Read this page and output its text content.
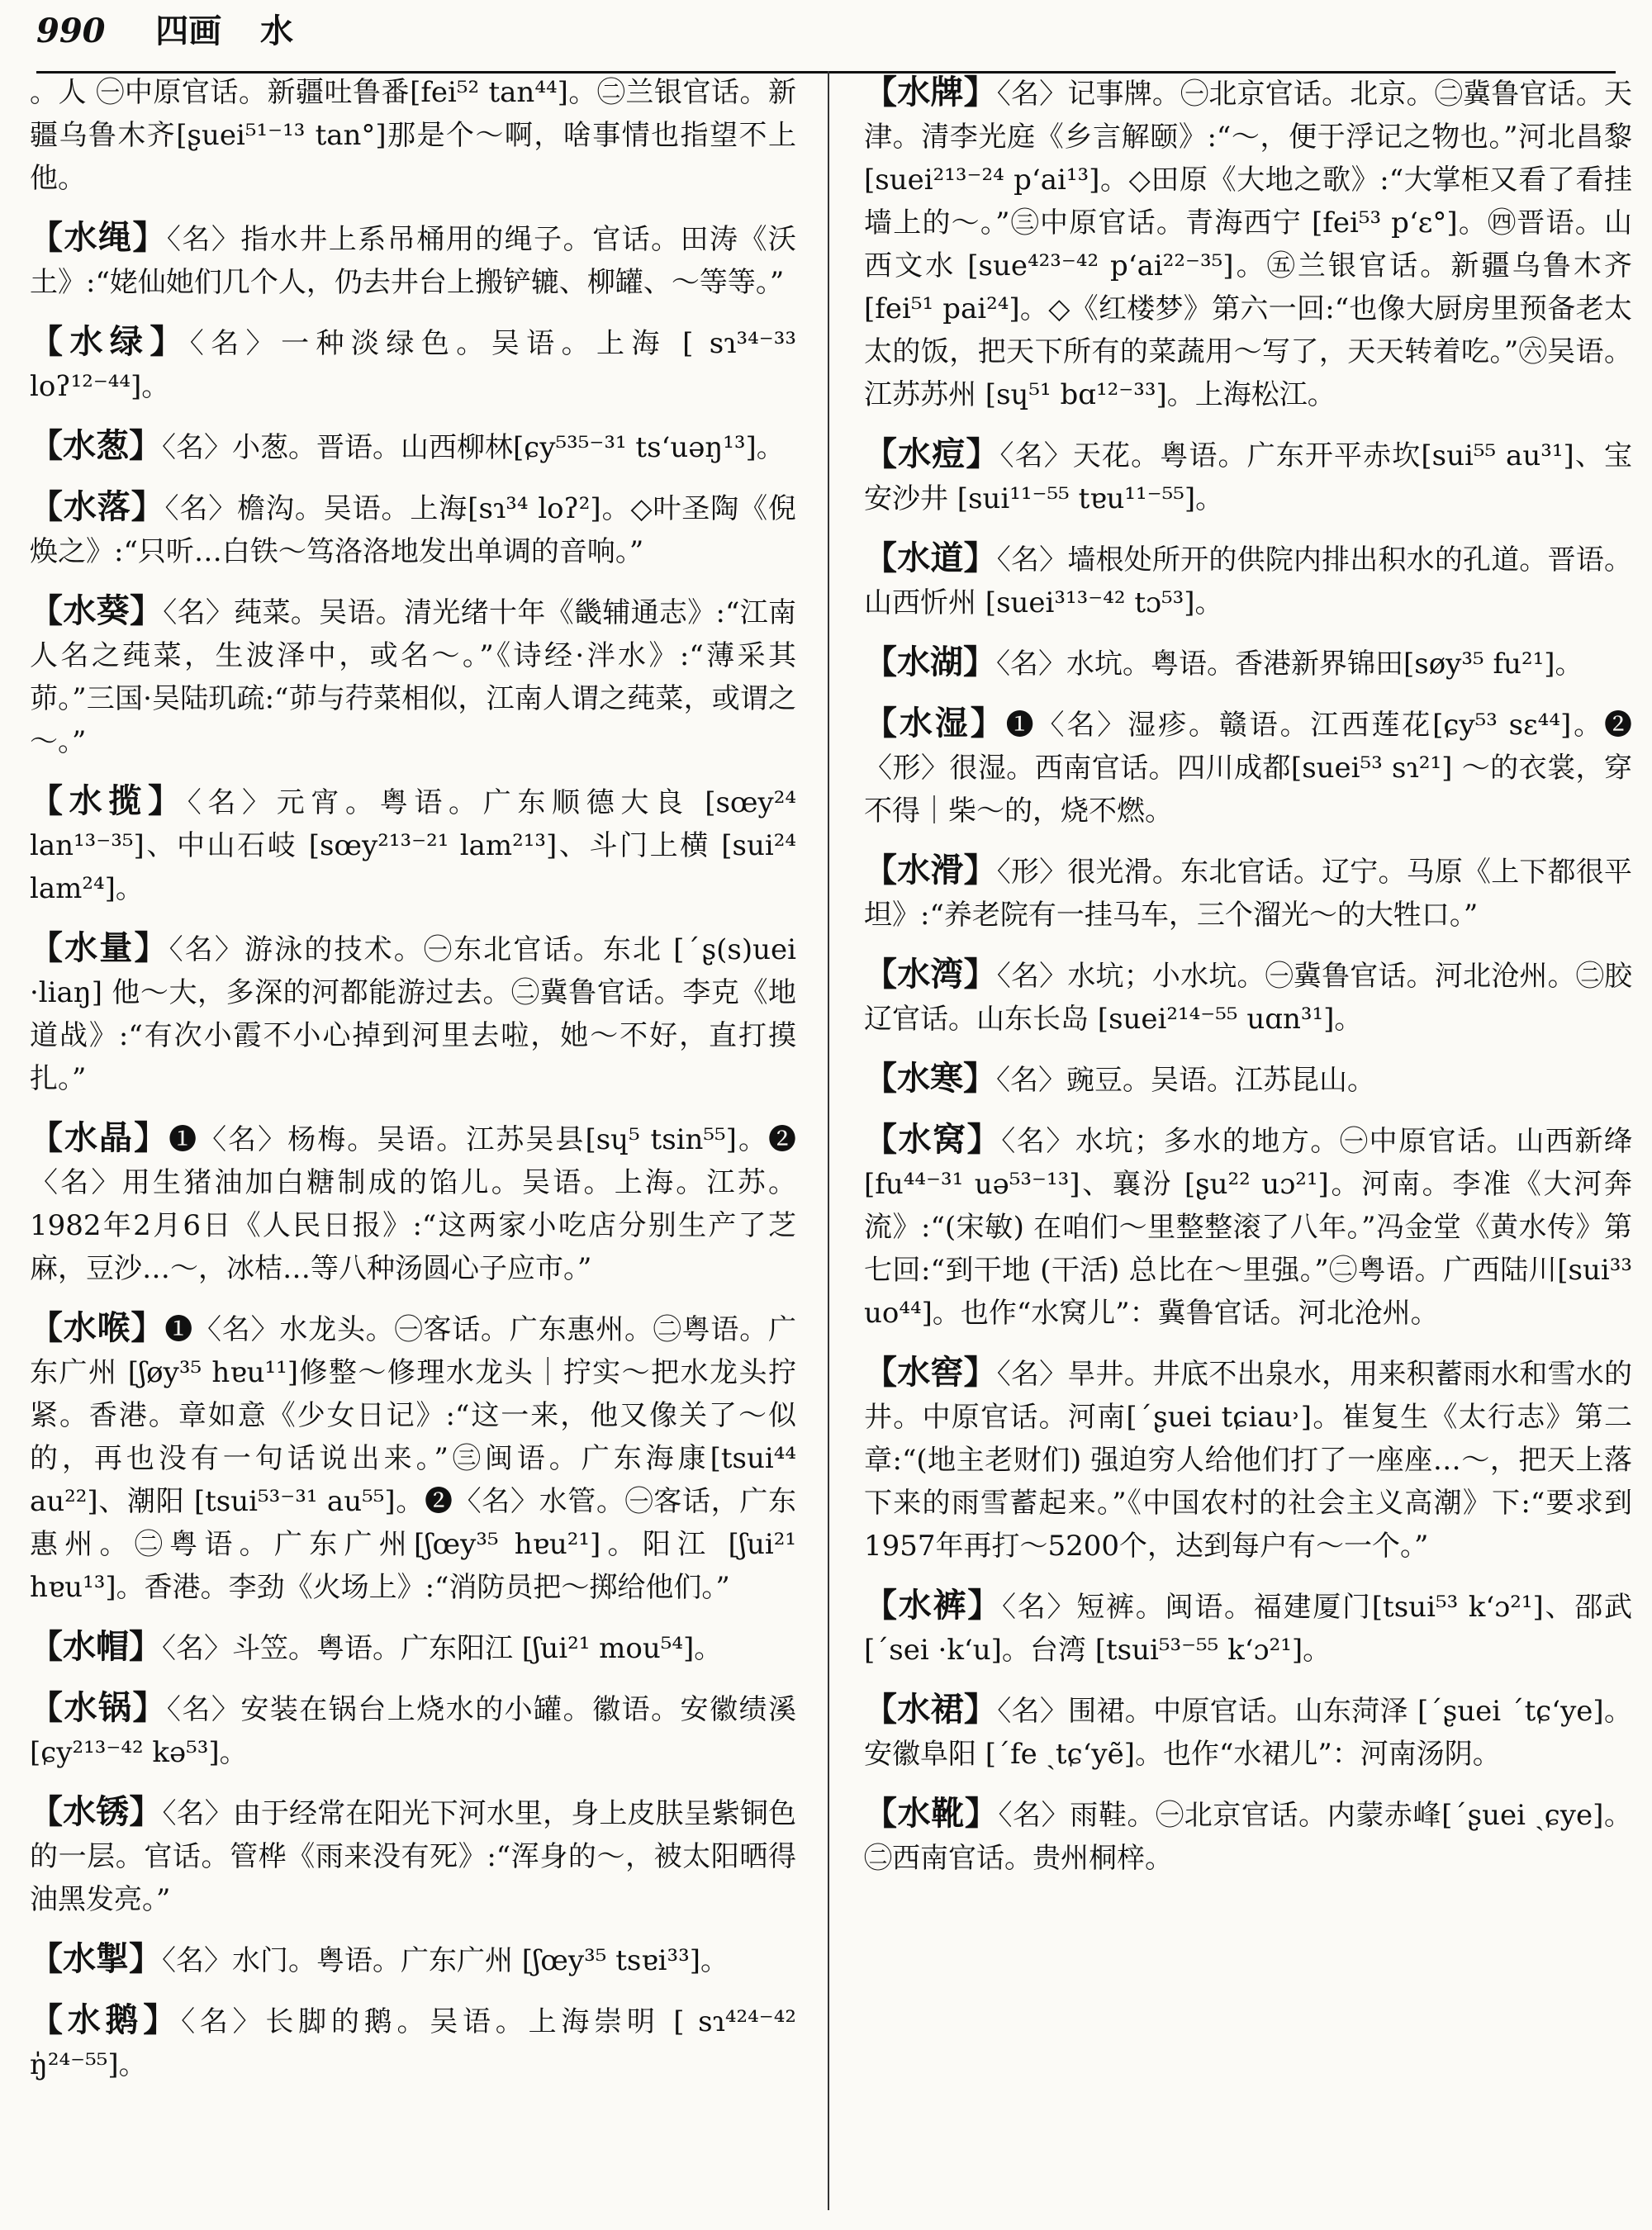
990 四画 水

。人 ㊀中原官话。新疆吐鲁番[fei⁵² tan⁴⁴]。㊁兰银官话。新疆乌鲁木齐[ʂuei⁵¹⁻¹³ tan°]那是个～啊，啥事情也指望不上他。

【水绳】〈名〉指水井上系吊桶用的绳子。官话。田涛《沃土》:“姥仙她们几个人，仍去井台上搬铲辘、柳罐、～等等。”

【水绿】〈名〉一种淡绿色。吴语。上海 [ sɿ³⁴⁻³³ loʔ¹²⁻⁴⁴]。

【水葱】〈名〉小葱。晋语。山西柳林[ɕy⁵³⁵⁻³¹ tsʻuəŋ¹³]。

【水落】〈名〉檐沟。吴语。上海[sɿ³⁴ loʔ²]。◇叶圣陶《倪焕之》:“只听…白铁～笃洛洛地发出单调的音响。”

【水葵】〈名〉莼菜。吴语。清光绪十年《畿辅通志》:“江南人名之莼菜，生波泽中，或名～。”《诗经·泮水》:“薄采其茆。”三国·吴陆玑疏:“茆与荇菜相似，江南人谓之莼菜，或谓之～。”

【水揽】〈名〉元宵。粤语。广东顺德大良 [sœy²⁴ lan¹³⁻³⁵]、中山石岐 [sœy²¹³⁻²¹ lam²¹³]、斗门上横 [sui²⁴ lam²⁴]。

【水量】〈名〉游泳的技术。㊀东北官话。东北 [ˊʂ(s)uei ·liaŋ] 他～大，多深的河都能游过去。㊁冀鲁官话。李克《地道战》:“有次小霞不小心掉到河里去啦，她～不好，直打摸扎。”

【水晶】❶〈名〉杨梅。吴语。江苏吴县[sɥ⁵ tsin⁵⁵]。❷〈名〉用生猪油加白糖制成的馅儿。吴语。上海。江苏。1982年2月6日《人民日报》:“这两家小吃店分别生产了芝麻，豆沙…～，冰桔…等八种汤圆心子应市。”

【水喉】❶〈名〉水龙头。㊀客话。广东惠州。㊁粤语。广东广州 [ʃøy³⁵ hɐu¹¹]修整～修理水龙头｜拧实～把水龙头拧紧。香港。章如意《少女日记》:“这一来，他又像关了～似的，再也没有一句话说出来。”㊂闽语。广东海康[tsui⁴⁴ au²²]、潮阳 [tsui⁵³⁻³¹ au⁵⁵]。❷〈名〉水管。㊀客话，广东惠州。㊁粤语。广东广州[ʃœy³⁵ hɐu²¹]。阳江 [ʃui²¹ hɐu¹³]。香港。李劲《火场上》:“消防员把～掷给他们。”

【水帽】〈名〉斗笠。粤语。广东阳江 [ʃui²¹ mou⁵⁴]。

【水锅】〈名〉安装在锅台上烧水的小罐。徽语。安徽绩溪 [ɕy²¹³⁻⁴² kə⁵³]。

【水锈】〈名〉由于经常在阳光下河水里，身上皮肤呈紫铜色的一层。官话。管桦《雨来没有死》:“浑身的～，被太阳晒得油黑发亮。”

【水掣】〈名〉水门。粤语。广东广州 [ʃœy³⁵ tsɐi³³]。

【水鹅】〈名〉长脚的鹅。吴语。上海崇明 [ sɿ⁴²⁴⁻⁴² ŋ̍²⁴⁻⁵⁵]。

【水牌】〈名〉记事牌。㊀北京官话。北京。㊁冀鲁官话。天津。清李光庭《乡言解颐》:“～，便于浮记之物也。”河北昌黎 [suei²¹³⁻²⁴ pʻai¹³]。◇田原《大地之歌》:“大掌柜又看了看挂墙上的～。”㊂中原官话。青海西宁 [fei⁵³ pʻɛ°]。㊃晋语。山西文水 [sue⁴²³⁻⁴² pʻai²²⁻³⁵]。㊄兰银官话。新疆乌鲁木齐 [fei⁵¹ pai²⁴]。◇《红楼梦》第六一回:“也像大厨房里预备老太太的饭，把天下所有的菜蔬用～写了，天天转着吃。”㊅吴语。江苏苏州 [sɥ⁵¹ bɑ¹²⁻³³]。上海松江。

【水痘】〈名〉天花。粤语。广东开平赤坎[sui⁵⁵ au³¹]、宝安沙井 [sui¹¹⁻⁵⁵ tɐu¹¹⁻⁵⁵]。

【水道】〈名〉墙根处所开的供院内排出积水的孔道。晋语。山西忻州 [suei³¹³⁻⁴² tɔ⁵³]。

【水湖】〈名〉水坑。粤语。香港新界锦田[søy³⁵ fu²¹]。

【水湿】❶〈名〉湿疹。赣语。江西莲花[ɕy⁵³ sɛ⁴⁴]。❷〈形〉很湿。西南官话。四川成都[suei⁵³ sɿ²¹] ～的衣裳，穿不得｜柴～的，烧不燃。

【水滑】〈形〉很光滑。东北官话。辽宁。马原《上下都很平坦》:“养老院有一挂马车，三个溜光～的大牲口。”

【水湾】〈名〉水坑；小水坑。㊀冀鲁官话。河北沧州。㊁胶辽官话。山东长岛 [suei²¹⁴⁻⁵⁵ uɑn³¹]。

【水寒】〈名〉豌豆。吴语。江苏昆山。

【水窝】〈名〉水坑；多水的地方。㊀中原官话。山西新绛[fu⁴⁴⁻³¹ uə⁵³⁻¹³]、襄汾 [ʂu²² uɔ²¹]。河南。李准《大河奔流》:“(宋敏) 在咱们～里整整滚了八年。”冯金堂《黄水传》第七回:“到干地 (干活) 总比在～里强。”㊁粤语。广西陆川[sui³³ uo⁴⁴]。也作“水窝儿”：冀鲁官话。河北沧州。

【水窖】〈名〉旱井。井底不出泉水，用来积蓄雨水和雪水的井。中原官话。河南[ˊʂuei tɕiau˒]。崔复生《太行志》第二章:“(地主老财们) 强迫穷人给他们打了一座座…～，把天上落下来的雨雪蓄起来。”《中国农村的社会主义高潮》下:“要求到1957年再打～5200个，达到每户有～一个。”

【水裤】〈名〉短裤。闽语。福建厦门[tsui⁵³ kʻɔ²¹]、邵武[ˊsei ·kʻu]。台湾 [tsui⁵³⁻⁵⁵ kʻɔ²¹]。

【水裙】〈名〉围裙。中原官话。山东菏泽 [ˊʂuei ˊtɕʻye]。安徽阜阳 [ˊfe ˏtɕʻyẽ]。也作“水裙儿”：河南汤阴。

【水靴】〈名〉雨鞋。㊀北京官话。内蒙赤峰[ˊʂuei ˏɕye]。㊁西南官话。贵州桐梓。
